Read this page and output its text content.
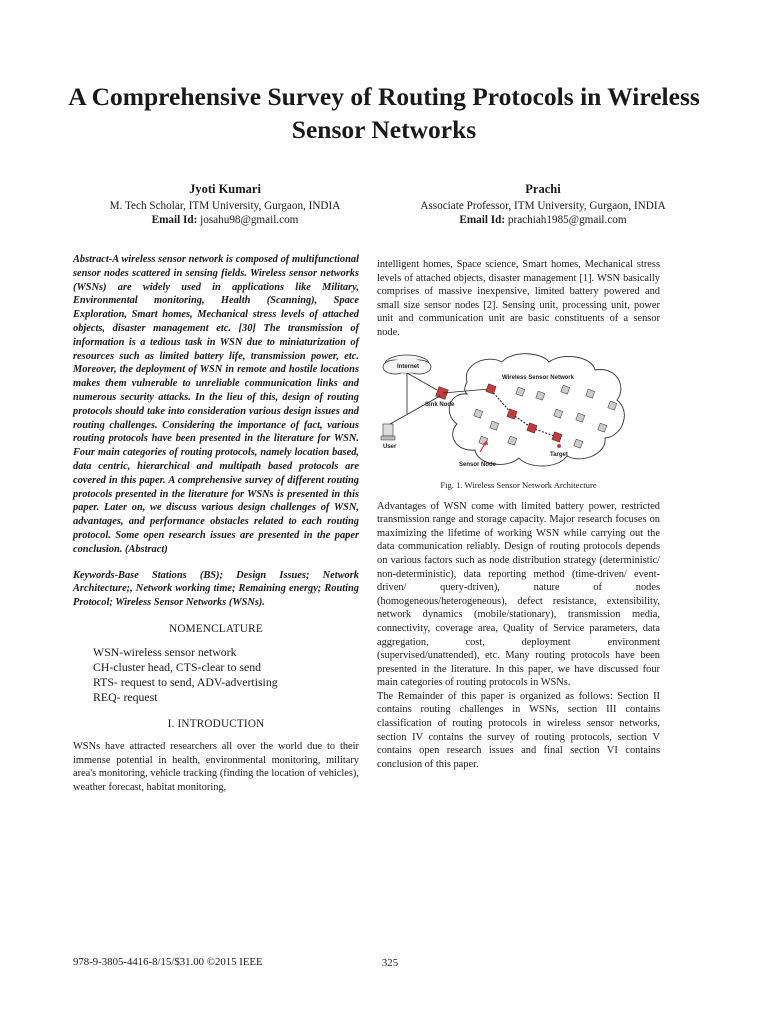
A Comprehensive Survey of Routing Protocols in Wireless Sensor Networks
Jyoti Kumari
M. Tech Scholar, ITM University, Gurgaon, INDIA
Email Id: josahu98@gmail.com
Prachi
Associate Professor, ITM University, Gurgaon, INDIA
Email Id: prachiah1985@gmail.com

Abstract-A wireless sensor network is composed of multifunctional sensor nodes scattered in sensing fields. Wireless sensor networks (WSNs) are widely used in applications like Military, Environmental monitoring, Health (Scanning), Space Exploration, Smart homes, Mechanical stress levels of attached objects, disaster management etc. [30] The transmission of information is a tedious task in WSN due to miniaturization of resources such as limited battery life, transmission power, etc. Moreover, the deployment of WSN in remote and hostile locations makes them vulnerable to unreliable communication links and numerous security attacks. In the lieu of this, design of routing protocols should take into consideration various design issues and routing challenges. Considering the importance of fact, various routing protocols have been presented in the literature for WSN. Four main categories of routing protocols, namely location based, data centric, hierarchical and multipath based protocols are covered in this paper. A comprehensive survey of different routing protocols presented in the literature for WSNs is presented in this paper. Later on, we discuss various design challenges of WSN, advantages, and performance obstacles related to each routing protocol. Some open research issues are presented in the paper conclusion. (Abstract)

Keywords-Base Stations (BS); Design Issues; Network Architecture;, Network working time; Remaining energy; Routing Protocol; Wireless Sensor Networks (WSNs).

NOMENCLATURE
WSN-wireless sensor network
CH-cluster head, CTS-clear to send
RTS- request to send, ADV-advertising
REQ- request
I. INTRODUCTION

WSNs have attracted researchers all over the world due to their immense potential in health, environmental monitoring, military area's monitoring, vehicle tracking (finding the location of vehicles), weather forecast, habitat monitoring,

intelligent homes, Space science, Smart homes, Mechanical stress levels of attached objects, disaster management [1]. WSN basically comprises of massive inexpensive, limited battery powered and small size sensor nodes [2]. Sensing unit, processing unit, power unit and communication unit are basic constituents of a sensor node.

Internet
Wireless Sensor Network
Sink Node
User
Target
Sensor Node
Fig. 1. Wireless Sensor Network Architecture

Advantages of WSN come with limited battery power, restricted transmission range and storage capacity. Major research focuses on maximizing the lifetime of working WSN while carrying out the data communication reliably. Design of routing protocols depends on various factors such as node distribution strategy (deterministic/ non-deterministic), data reporting method (time-driven/ event-driven/ query-driven), nature of nodes (homogeneous/heterogeneous), defect resistance, extensibility, network dynamics (mobile/stationary), transmission media, connectivity, coverage area, Quality of Service parameters, data aggregation, cost, deployment environment (supervised/unattended), etc. Many routing protocols have been presented in the literature. In this paper, we have discussed four main categories of routing protocols in WSNs.

The Remainder of this paper is organized as follows: Section II contains routing challenges in WSNs, section III contains classification of routing protocols in wireless sensor networks, section IV contains the survey of routing protocols, section V contains open research issues and final section VI contains conclusion of this paper.

978-9-3805-4416-8/15/$31.00 ©2015 IEEE	325
